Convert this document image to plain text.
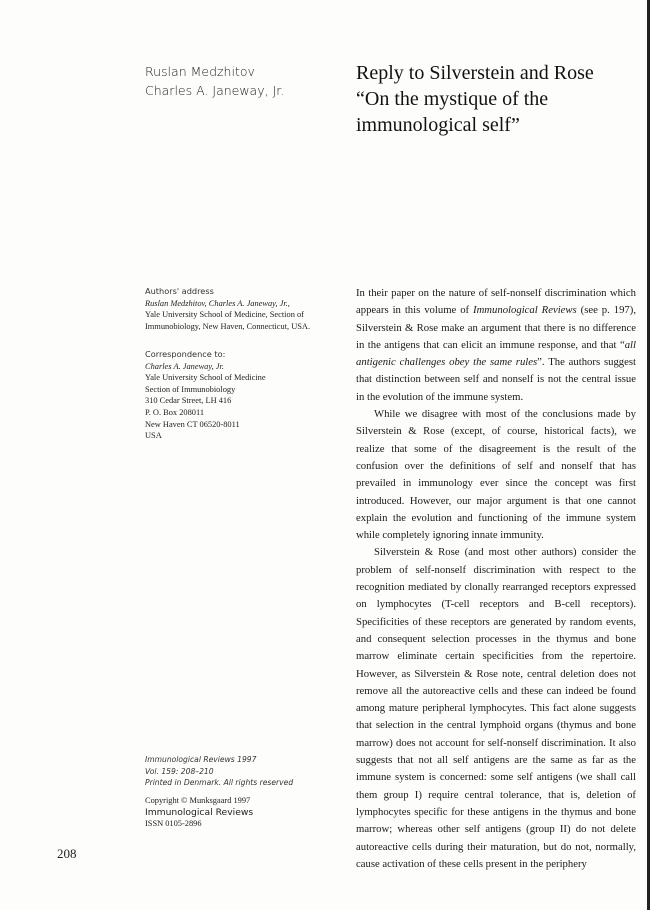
Ruslan Medzhitov
Charles A. Janeway, Jr.
Reply to Silverstein and Rose
“On the mystique of the
immunological self”
Authors' address
Ruslan Medzhitov, Charles A. Janeway, Jr.,
Yale University School of Medicine, Section of
Immunobiology, New Haven, Connecticut, USA.
Correspondence to:
Charles A. Janeway, Jr.
Yale University School of Medicine
Section of Immunobiology
310 Cedar Street, LH 416
P. O. Box 208011
New Haven CT 06520-8011
USA
Immunological Reviews 1997
Vol. 159: 208–210
Printed in Denmark. All rights reserved
Copyright © Munksgaard 1997
Immunological Reviews
ISSN 0105-2896

In their paper on the nature of self-nonself discrimination which appears in this volume of Immunological Reviews (see p. 197), Silverstein & Rose make an argument that there is no difference in the antigens that can elicit an immune response, and that “all antigenic challenges obey the same rules”. The authors suggest that distinction between self and nonself is not the central issue in the evolution of the immune system.

While we disagree with most of the conclusions made by Silverstein & Rose (except, of course, historical facts), we realize that some of the disagreement is the result of the confusion over the definitions of self and nonself that has prevailed in immunology ever since the concept was first introduced. However, our major argument is that one cannot explain the evolution and functioning of the immune system while completely ignoring innate immunity.

Silverstein & Rose (and most other authors) consider the problem of self-nonself discrimination with respect to the recognition mediated by clonally rearranged receptors expressed on lymphocytes (T-cell receptors and B-cell receptors). Specificities of these receptors are generated by random events, and consequent selection processes in the thymus and bone marrow eliminate certain specificities from the repertoire. However, as Silverstein & Rose note, central deletion does not remove all the autoreactive cells and these can indeed be found among mature peripheral lymphocytes. This fact alone suggests that selection in the central lymphoid organs (thymus and bone marrow) does not account for self-nonself discrimination. It also suggests that not all self antigens are the same as far as the immune system is concerned: some self antigens (we shall call them group I) require central tolerance, that is, deletion of lymphocytes specific for these antigens in the thymus and bone marrow; whereas other self antigens (group II) do not delete autoreactive cells during their maturation, but do not, normally, cause activation of these cells present in the periphery

208
